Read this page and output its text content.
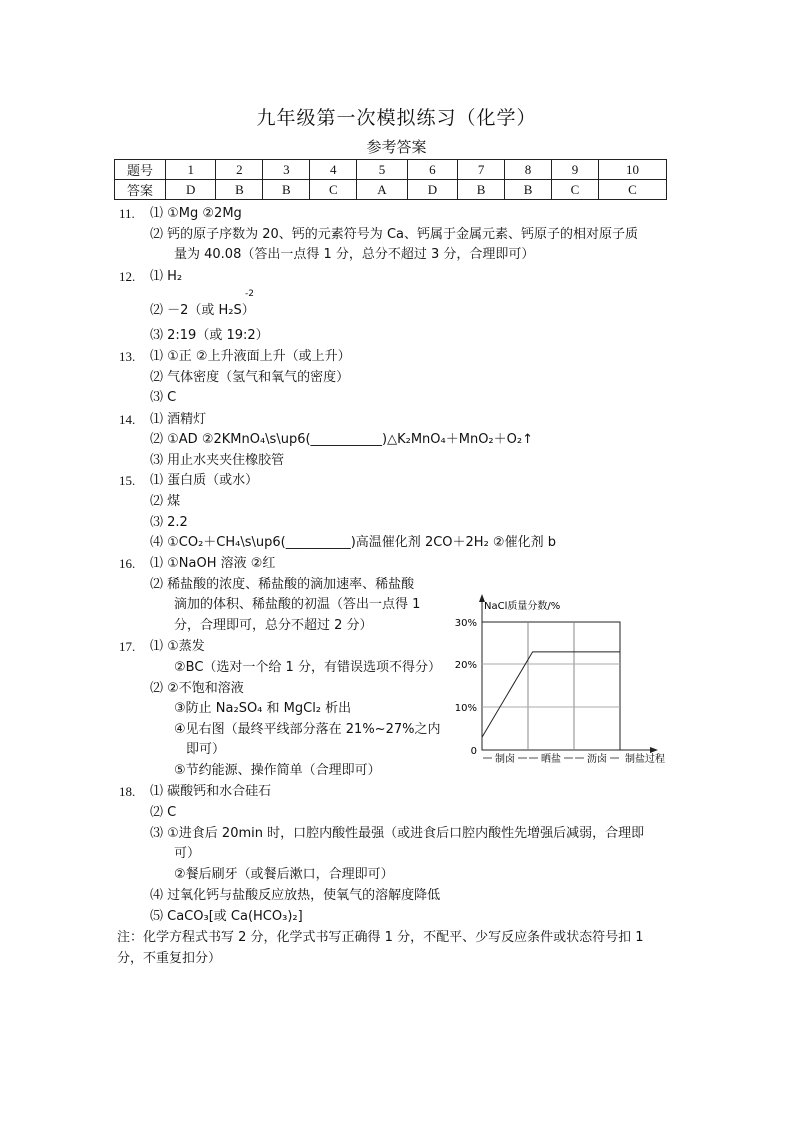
九年级第一次模拟练习（化学）
参考答案
题号	1	2	3	4	5	6	7	8	9	10
答案	D	B	B	C	A	D	B	B	C	C
11.
12.
13.
14.
15.
16.
17.
18.
⑴ ①Mg ②2Mg
⑵ 钙的原子序数为 20、钙的元素符号为 Ca、钙属于金属元素、钙原子的相对原子质
量为 40.08（答出一点得 1 分，总分不超过 3 分，合理即可）
⑴ H₂
-2
⑵ －2（或 H₂S）
⑶ 2:19（或 19:2）
⑴ ①正 ②上升液面上升（或上升）
⑵ 气体密度（氢气和氧气的密度）
⑶ C
⑴ 酒精灯
⑵ ①AD ②2KMnO₄\s\up6(___________)△K₂MnO₄＋MnO₂＋O₂↑
⑶ 用止水夹夹住橡胶管
⑴ 蛋白质（或水）
⑵ 煤
⑶ 2.2
⑷ ①CO₂＋CH₄\s\up6(__________)高温催化剂 2CO＋2H₂ ②催化剂 b
⑴ ①NaOH 溶液 ②红
⑵ 稀盐酸的浓度、稀盐酸的滴加速率、稀盐酸
滴加的体积、稀盐酸的初温（答出一点得 1
分，合理即可，总分不超过 2 分）
⑴ ①蒸发
②BC（选对一个给 1 分，有错误选项不得分）
⑵ ②不饱和溶液
③防止 Na₂SO₄ 和 MgCl₂ 析出
④见右图（最终平线部分落在 21%~27%之内
即可）
⑤节约能源、操作简单（合理即可）
⑴ 碳酸钙和水合硅石
⑵ C
⑶ ①进食后 20min 时，口腔内酸性最强（或进食后口腔内酸性先增强后减弱，合理即
可）
②餐后刷牙（或餐后漱口，合理即可）
⑷ 过氧化钙与盐酸反应放热，使氧气的溶解度降低
⑸ CaCO₃[或 Ca(HCO₃)₂]
注：化学方程式书写 2 分，化学式书写正确得 1 分，不配平、少写反应条件或状态符号扣 1
分，不重复扣分）
NaCl质量分数/%
30%
20%
10%
0
制卤	晒盐	沥卤 制盐过程
